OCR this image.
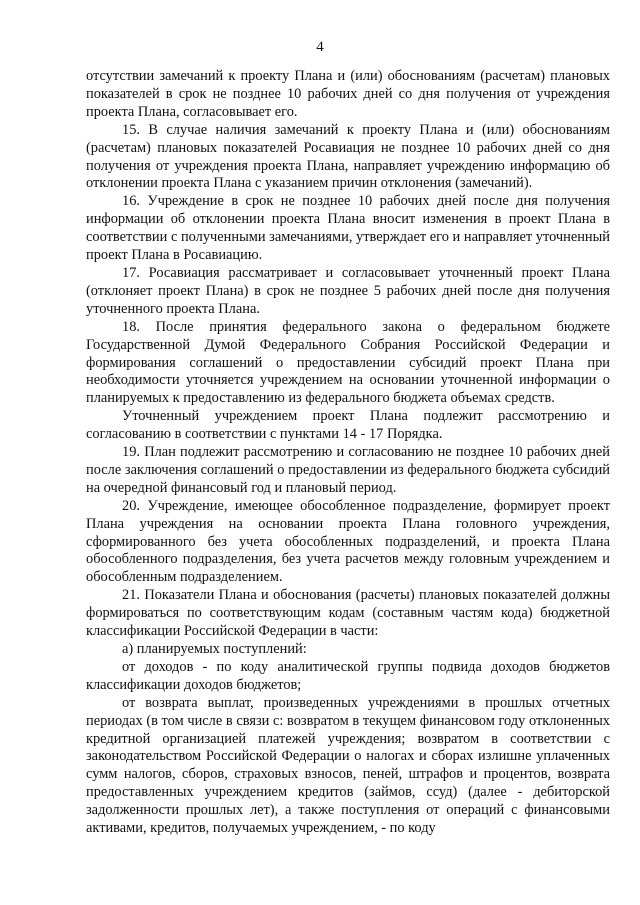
4

отсутствии замечаний к проекту Плана и (или) обоснованиям (расчетам) плановых показателей в срок не позднее 10 рабочих дней со дня получения от учреждения проекта Плана, согласовывает его.

15. В случае наличия замечаний к проекту Плана и (или) обоснованиям (расчетам) плановых показателей Росавиация не позднее 10 рабочих дней со дня получения от учреждения проекта Плана, направляет учреждению информацию об отклонении проекта Плана с указанием причин отклонения (замечаний).

16. Учреждение в срок не позднее 10 рабочих дней после дня получения информации об отклонении проекта Плана вносит изменения в проект Плана в соответствии с полученными замечаниями, утверждает его и направляет уточненный проект Плана в Росавиацию.

17. Росавиация рассматривает и согласовывает уточненный проект Плана (отклоняет проект Плана) в срок не позднее 5 рабочих дней после дня получения уточненного проекта Плана.

18. После принятия федерального закона о федеральном бюджете Государственной Думой Федерального Собрания Российской Федерации и формирования соглашений о предоставлении субсидий проект Плана при необходимости уточняется учреждением на основании уточненной информации о планируемых к предоставлению из федерального бюджета объемах средств.

Уточненный учреждением проект Плана подлежит рассмотрению и согласованию в соответствии с пунктами 14 - 17 Порядка.

19. План подлежит рассмотрению и согласованию не позднее 10 рабочих дней после заключения соглашений о предоставлении из федерального бюджета субсидий на очередной финансовый год и плановый период.

20. Учреждение, имеющее обособленное подразделение, формирует проект Плана учреждения на основании проекта Плана головного учреждения, сформированного без учета обособленных подразделений, и проекта Плана обособленного подразделения, без учета расчетов между головным учреждением и обособленным подразделением.

21. Показатели Плана и обоснования (расчеты) плановых показателей должны формироваться по соответствующим кодам (составным частям кода) бюджетной классификации Российской Федерации в части:

а) планируемых поступлений:

от доходов - по коду аналитической группы подвида доходов бюджетов классификации доходов бюджетов;

от возврата выплат, произведенных учреждениями в прошлых отчетных периодах (в том числе в связи с: возвратом в текущем финансовом году отклоненных кредитной организацией платежей учреждения; возвратом в соответствии с законодательством Российской Федерации о налогах и сборах излишне уплаченных сумм налогов, сборов, страховых взносов, пеней, штрафов и процентов, возврата предоставленных учреждением кредитов (займов, ссуд) (далее - дебиторской задолженности прошлых лет), а также поступления от операций с финансовыми активами, кредитов, получаемых учреждением, - по коду
